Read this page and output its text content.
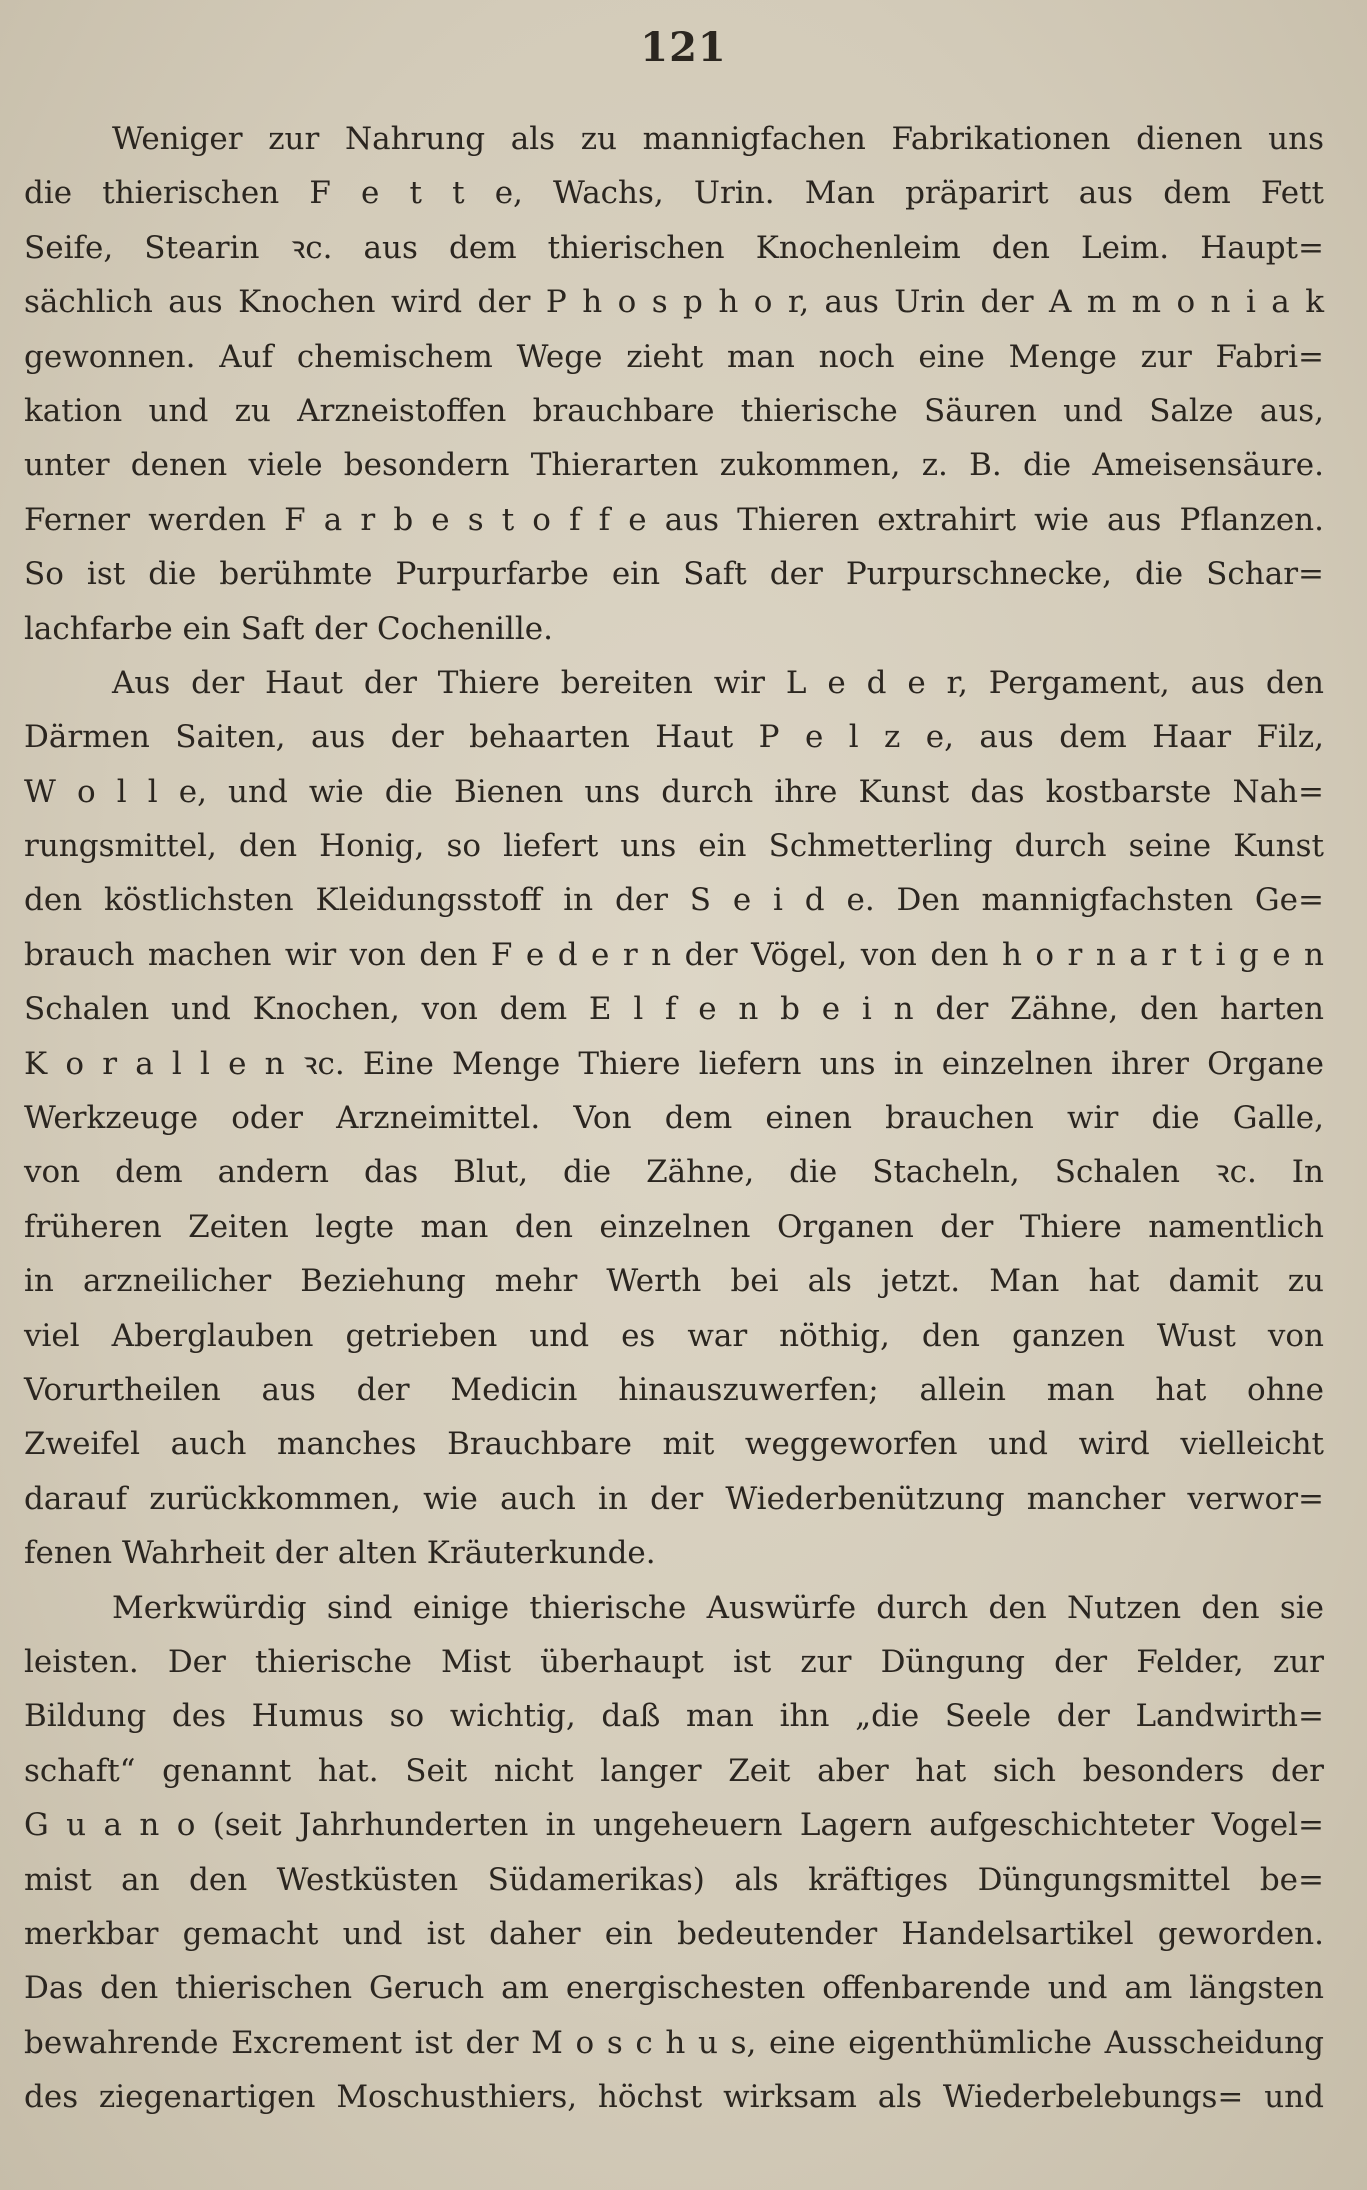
121
Weniger zur Nahrung als zu mannigfachen Fabrikationen dienen uns
die thierischen F e t t e, Wachs, Urin. Man präparirt aus dem Fett
Seife, Stearin ꝛc. aus dem thierischen Knochenleim den Leim. Haupt=
sächlich aus Knochen wird der P h o s p h o r, aus Urin der A m m o n i a k
gewonnen. Auf chemischem Wege zieht man noch eine Menge zur Fabri=
kation und zu Arzneistoffen brauchbare thierische Säuren und Salze aus,
unter denen viele besondern Thierarten zukommen, z. B. die Ameisensäure.
Ferner werden F a r b e s t o f f e aus Thieren extrahirt wie aus Pflanzen.
So ist die berühmte Purpurfarbe ein Saft der Purpurschnecke, die Schar=
lachfarbe ein Saft der Cochenille.
Aus der Haut der Thiere bereiten wir L e d e r, Pergament, aus den
Därmen Saiten, aus der behaarten Haut P e l z e, aus dem Haar Filz,
W o l l e, und wie die Bienen uns durch ihre Kunst das kostbarste Nah=
rungsmittel, den Honig, so liefert uns ein Schmetterling durch seine Kunst
den köstlichsten Kleidungsstoff in der S e i d e. Den mannigfachsten Ge=
brauch machen wir von den F e d e r n der Vögel, von den h o r n a r t i g e n
Schalen und Knochen, von dem E l f e n b e i n der Zähne, den harten
K o r a l l e n ꝛc. Eine Menge Thiere liefern uns in einzelnen ihrer Organe
Werkzeuge oder Arzneimittel. Von dem einen brauchen wir die Galle,
von dem andern das Blut, die Zähne, die Stacheln, Schalen ꝛc. In
früheren Zeiten legte man den einzelnen Organen der Thiere namentlich
in arzneilicher Beziehung mehr Werth bei als jetzt. Man hat damit zu
viel Aberglauben getrieben und es war nöthig, den ganzen Wust von
Vorurtheilen aus der Medicin hinauszuwerfen; allein man hat ohne
Zweifel auch manches Brauchbare mit weggeworfen und wird vielleicht
darauf zurückkommen, wie auch in der Wiederbenützung mancher verwor=
fenen Wahrheit der alten Kräuterkunde.
Merkwürdig sind einige thierische Auswürfe durch den Nutzen den sie
leisten. Der thierische Mist überhaupt ist zur Düngung der Felder, zur
Bildung des Humus so wichtig, daß man ihn „die Seele der Landwirth=
schaft“ genannt hat. Seit nicht langer Zeit aber hat sich besonders der
G u a n o (seit Jahrhunderten in ungeheuern Lagern aufgeschichteter Vogel=
mist an den Westküsten Südamerikas) als kräftiges Düngungsmittel be=
merkbar gemacht und ist daher ein bedeutender Handelsartikel geworden.
Das den thierischen Geruch am energischesten offenbarende und am längsten
bewahrende Excrement ist der M o s c h u s, eine eigenthümliche Ausscheidung
des ziegenartigen Moschusthiers, höchst wirksam als Wiederbelebungs= und
